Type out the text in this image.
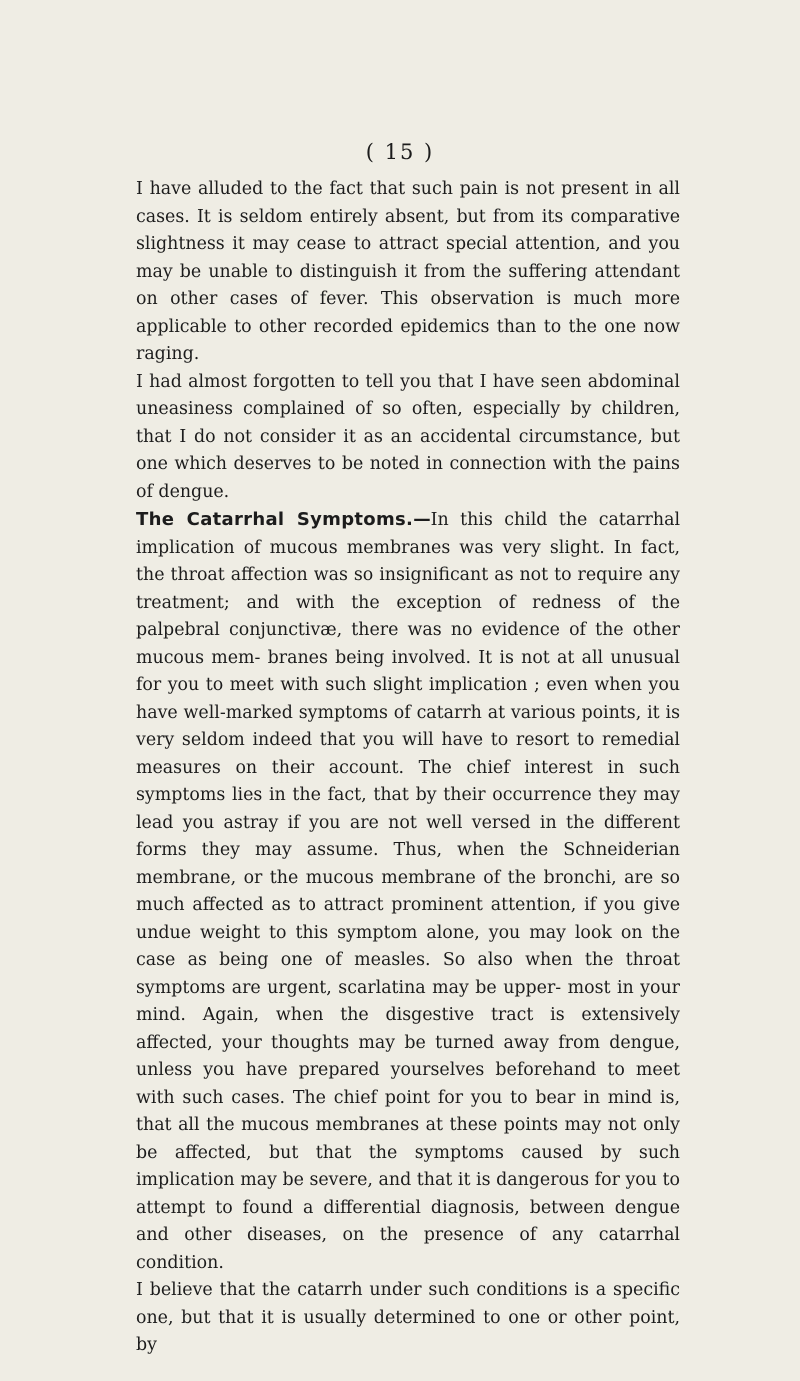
( 15 )

I have alluded to the fact that such pain is not present in all cases. It is seldom entirely absent, but from its comparative slightness it may cease to attract special attention, and you may be unable to distinguish it from the suffering attendant on other cases of fever. This observation is much more applicable to other recorded epidemics than to the one now raging.

I had almost forgotten to tell you that I have seen abdominal uneasiness complained of so often, especially by children, that I do not consider it as an accidental circumstance, but one which deserves to be noted in connection with the pains of dengue.

The Catarrhal Symptoms.—In this child the catarrhal implication of mucous membranes was very slight. In fact, the throat affection was so insignificant as not to require any treatment; and with the exception of redness of the palpebral conjunctivæ, there was no evidence of the other mucous mem- branes being involved. It is not at all unusual for you to meet with such slight implication ; even when you have well-marked symptoms of catarrh at various points, it is very seldom indeed that you will have to resort to remedial measures on their account. The chief interest in such symptoms lies in the fact, that by their occurrence they may lead you astray if you are not well versed in the different forms they may assume. Thus, when the Schneiderian membrane, or the mucous membrane of the bronchi, are so much affected as to attract prominent attention, if you give undue weight to this symptom alone, you may look on the case as being one of measles. So also when the throat symptoms are urgent, scarlatina may be upper- most in your mind. Again, when the disgestive tract is extensively affected, your thoughts may be turned away from dengue, unless you have prepared yourselves beforehand to meet with such cases. The chief point for you to bear in mind is, that all the mucous membranes at these points may not only be affected, but that the symptoms caused by such implication may be severe, and that it is dangerous for you to attempt to found a differential diagnosis, between dengue and other diseases, on the presence of any catarrhal condition.

I believe that the catarrh under such conditions is a specific one, but that it is usually determined to one or other point, by
